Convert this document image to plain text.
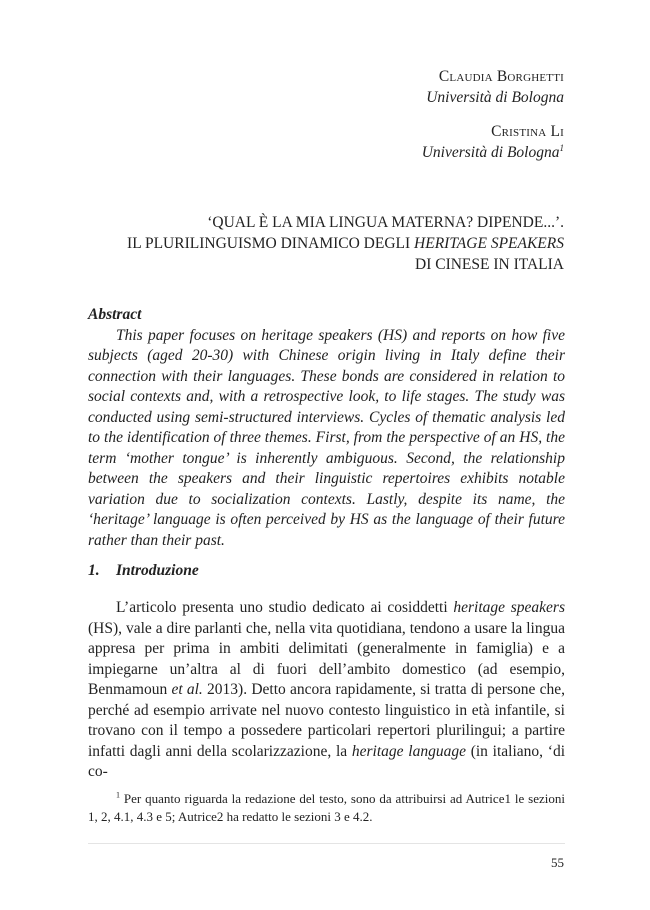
Claudia Borghetti
Università di Bologna
Cristina Li
Università di Bologna$^1$
‘QUAL È LA MIA LINGUA MATERNA? DIPENDE...’.
IL PLURILINGUISMO DINAMICO DEGLI HERITAGE SPEAKERS
DI CINESE IN ITALIA

Abstract

This paper focuses on heritage speakers (HS) and reports on how five subjects (aged 20-30) with Chinese origin living in Italy define their connection with their languages. These bonds are considered in relation to social contexts and, with a retrospective look, to life stages. The study was conducted using semi-structured interviews. Cycles of thematic analysis led to the identification of three themes. First, from the perspective of an HS, the term ‘mother tongue’ is inherently ambiguous. Second, the relationship between the speakers and their linguistic repertoires exhibits notable variation due to socialization contexts. Lastly, despite its name, the ‘heritage’ language is often perceived by HS as the language of their future rather than their past.

1. Introduzione

L’articolo presenta uno studio dedicato ai cosiddetti heritage speakers (HS), vale a dire parlanti che, nella vita quotidiana, tendono a usare la lingua appresa per prima in ambiti delimitati (generalmente in famiglia) e a impiegarne un’altra al di fuori dell’ambito domestico (ad esempio, Benmamoun et al. 2013). Detto ancora rapidamente, si tratta di persone che, perché ad esempio arrivate nel nuovo contesto linguistico in età infantile, si trovano con il tempo a possedere particolari repertori plurilingui; a partire infatti dagli anni della scolarizzazione, la heritage language (in italiano, ‘di co-

$^1$ Per quanto riguarda la redazione del testo, sono da attribuirsi ad Autrice1 le sezioni 1, 2, 4.1, 4.3 e 5; Autrice2 ha redatto le sezioni 3 e 4.2.

55
